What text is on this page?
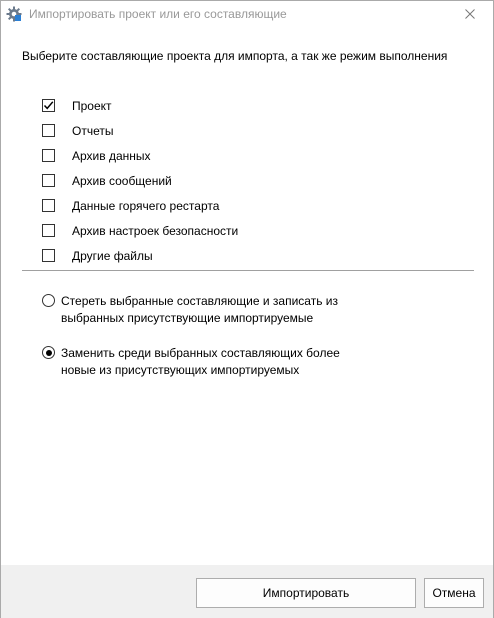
Импортировать проект или его составляющие
Выберите составляющие проекта для импорта, а так же режим выполнения
Проект
Отчеты
Архив данных
Архив сообщений
Данные горячего рестарта
Архив настроек безопасности
Другие файлы
Стереть выбранные составляющие и записать из выбранных присутствующие импортируемые
Заменить среди выбранных составляющих более новые из присутствующих импортируемых
Импортировать	Отмена
